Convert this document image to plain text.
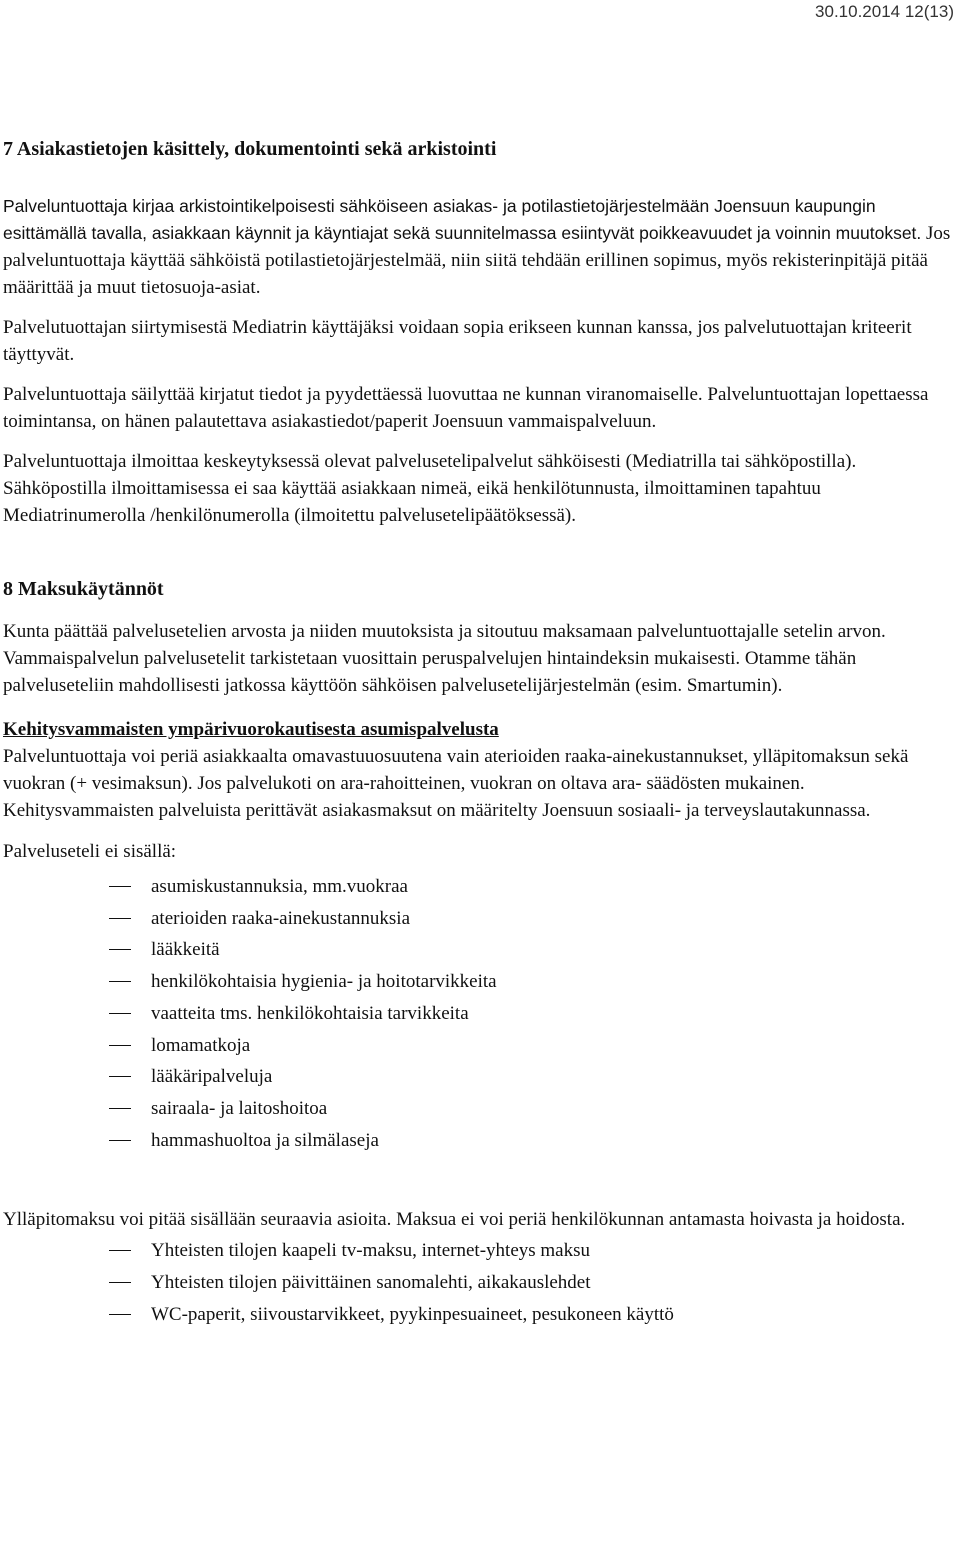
30.10.2014 12(13)
7 Asiakastietojen käsittely, dokumentointi sekä arkistointi

Palveluntuottaja kirjaa arkistointikelpoisesti sähköiseen asiakas- ja potilastietojärjestelmään Joensuun kaupungin esittämällä tavalla, asiakkaan käynnit ja käyntiajat sekä suunnitelmassa esiintyvät poikkeavuudet ja voinnin muutokset. Jos palveluntuottaja käyttää sähköistä potilastietojärjestelmää, niin siitä tehdään erillinen sopimus, myös rekisterinpitäjä pitää määrittää ja muut tietosuoja-asiat.

Palvelutuottajan siirtymisestä Mediatrin käyttäjäksi voidaan sopia erikseen kunnan kanssa, jos palvelutuottajan kriteerit täyttyvät.

Palveluntuottaja säilyttää kirjatut tiedot ja pyydettäessä luovuttaa ne kunnan viranomaiselle. Palveluntuottajan lopettaessa toimintansa, on hänen palautettava asiakastiedot/paperit Joensuun vammaispalveluun.

Palveluntuottaja ilmoittaa keskeytyksessä olevat palvelusetelipalvelut sähköisesti (Mediatrilla tai sähköpostilla). Sähköpostilla ilmoittamisessa ei saa käyttää asiakkaan nimeä, eikä henkilötunnusta, ilmoittaminen tapahtuu Mediatrinumerolla /henkilönumerolla (ilmoitettu palvelusetelipäätöksessä).

8 Maksukäytännöt

Kunta päättää palvelusetelien arvosta ja niiden muutoksista ja sitoutuu maksamaan palveluntuottajalle setelin arvon. Vammaispalvelun palvelusetelit tarkistetaan vuosittain peruspalvelujen hintaindeksin mukaisesti. Otamme tähän palveluseteliin mahdollisesti jatkossa käyttöön sähköisen palvelusetelijärjestelmän (esim. Smartumin).

Kehitysvammaisten ympärivuorokautisesta asumispalvelusta

Palveluntuottaja voi periä asiakkaalta omavastuuosuutena vain aterioiden raaka-ainekustannukset, ylläpitomaksun sekä vuokran (+ vesimaksun). Jos palvelukoti on ara-rahoitteinen, vuokran on oltava ara- säädösten mukainen. Kehitysvammaisten palveluista perittävät asiakasmaksut on määritelty Joensuun sosiaali- ja terveyslautakunnassa.

Palveluseteli ei sisällä:

asumiskustannuksia, mm.vuokraa
aterioiden raaka-ainekustannuksia
lääkkeitä
henkilökohtaisia hygienia- ja hoitotarvikkeita
vaatteita tms. henkilökohtaisia tarvikkeita
lomamatkoja
lääkäripalveluja
sairaala- ja laitoshoitoa
hammashuoltoa ja silmälaseja

Ylläpitomaksu voi pitää sisällään seuraavia asioita. Maksua ei voi periä henkilökunnan antamasta hoivasta ja hoidosta.

Yhteisten tilojen kaapeli tv-maksu, internet-yhteys maksu
Yhteisten tilojen päivittäinen sanomalehti, aikakauslehdet
WC-paperit, siivoustarvikkeet, pyykinpesuaineet, pesukoneen käyttö
